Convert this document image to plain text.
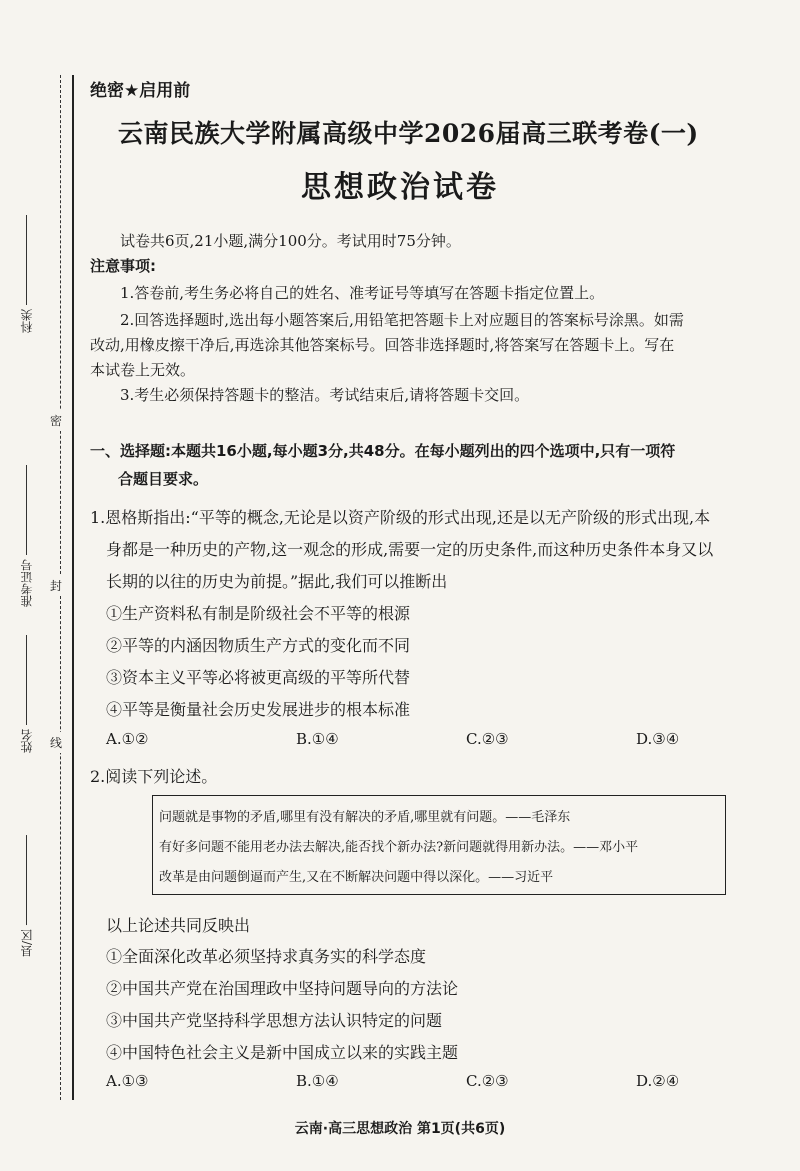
科类
准考证号
姓名
县/区
密
封
线
绝密★启用前
云南民族大学附属高级中学2026届高三联考卷(一)
思想政治试卷
试卷共6页,21小题,满分100分。考试用时75分钟。
注意事项:
1.答卷前,考生务必将自己的姓名、准考证号等填写在答题卡指定位置上。
2.回答选择题时,选出每小题答案后,用铅笔把答题卡上对应题目的答案标号涂黑。如需
改动,用橡皮擦干净后,再选涂其他答案标号。回答非选择题时,将答案写在答题卡上。写在
本试卷上无效。
3.考生必须保持答题卡的整洁。考试结束后,请将答题卡交回。
一、选择题:本题共16小题,每小题3分,共48分。在每小题列出的四个选项中,只有一项符
合题目要求。
1.恩格斯指出:“平等的概念,无论是以资产阶级的形式出现,还是以无产阶级的形式出现,本
身都是一种历史的产物,这一观念的形成,需要一定的历史条件,而这种历史条件本身又以
长期的以往的历史为前提。”据此,我们可以推断出
①生产资料私有制是阶级社会不平等的根源
②平等的内涵因物质生产方式的变化而不同
③资本主义平等必将被更高级的平等所代替
④平等是衡量社会历史发展进步的根本标准
A.①②	B.①④	C.②③	D.③④
2.阅读下列论述。
问题就是事物的矛盾,哪里有没有解决的矛盾,哪里就有问题。——毛泽东
有好多问题不能用老办法去解决,能否找个新办法?新问题就得用新办法。——邓小平
改革是由问题倒逼而产生,又在不断解决问题中得以深化。——习近平
以上论述共同反映出
①全面深化改革必须坚持求真务实的科学态度
②中国共产党在治国理政中坚持问题导向的方法论
③中国共产党坚持科学思想方法认识特定的问题
④中国特色社会主义是新中国成立以来的实践主题
A.①③	B.①④	C.②③	D.②④
云南·高三思想政治 第1页(共6页)
